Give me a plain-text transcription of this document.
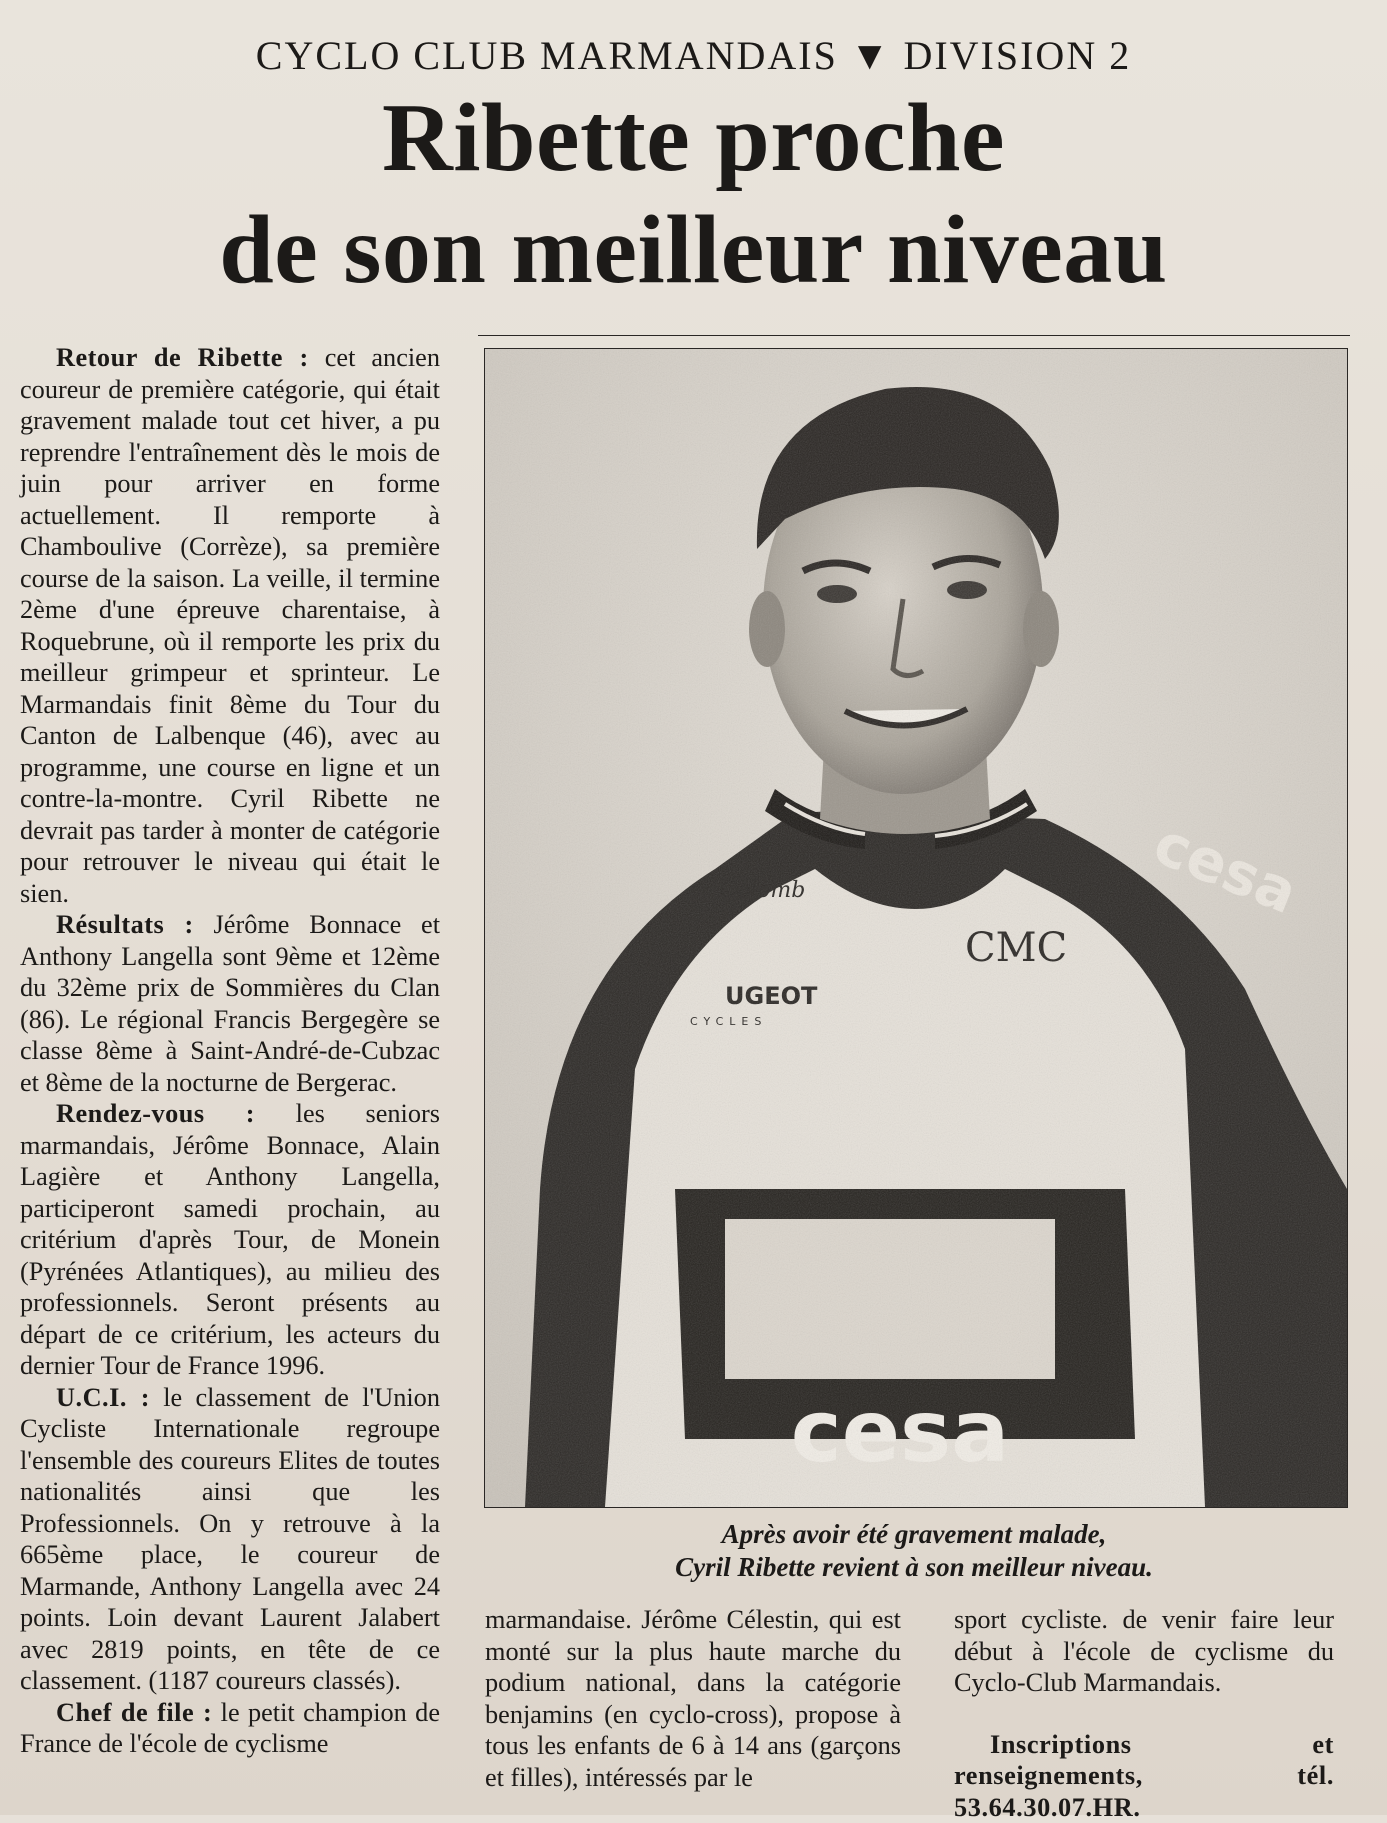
CYCLO CLUB MARMANDAIS ▼ DIVISION 2
Ribette proche
de son meilleur niveau

Retour de Ribette : cet ancien coureur de première catégorie, qui était gravement malade tout cet hiver, a pu reprendre l'entraînement dès le mois de juin pour arriver en forme actuellement. Il remporte à Chamboulive (Corrèze), sa première course de la saison. La veille, il termine 2ème d'une épreuve charentaise, à Roquebrune, où il remporte les prix du meilleur grimpeur et sprinteur. Le Marmandais finit 8ème du Tour du Canton de Lalbenque (46), avec au programme, une course en ligne et un contre-la-montre. Cyril Ribette ne devrait pas tarder à monter de catégorie pour retrouver le niveau qui était le sien.

Résultats : Jérôme Bonnace et Anthony Langella sont 9ème et 12ème du 32ème prix de Sommières du Clan (86). Le régional Francis Bergegère se classe 8ème à Saint-André-de-Cubzac et 8ème de la nocturne de Bergerac.

Rendez-vous : les seniors marmandais, Jérôme Bonnace, Alain Lagière et Anthony Langella, participeront samedi prochain, au critérium d'après Tour, de Monein (Pyrénées Atlantiques), au milieu des professionnels. Seront présents au départ de ce critérium, les acteurs du dernier Tour de France 1996.

U.C.I. : le classement de l'Union Cycliste Internationale regroupe l'ensemble des coureurs Elites de toutes nationalités ainsi que les Professionnels. On y retrouve à la 665ème place, le coureur de Marmande, Anthony Langella avec 24 points. Loin devant Laurent Jalabert avec 2819 points, en tête de ce classement. (1187 coureurs classés).

Chef de file : le petit champion de France de l'école de cyclisme

Après avoir été gravement malade,
Cyril Ribette revient à son meilleur niveau.

marmandaise. Jérôme Célestin, qui est monté sur la plus haute marche du podium national, dans la catégorie benjamins (en cyclo-cross), propose à tous les enfants de 6 à 14 ans (garçons et filles), intéressés par le

sport cycliste. de venir faire leur début à l'école de cyclisme du Cyclo-Club Marmandais.

Inscriptions et renseignements, tél. 53.64.30.07.HR.
